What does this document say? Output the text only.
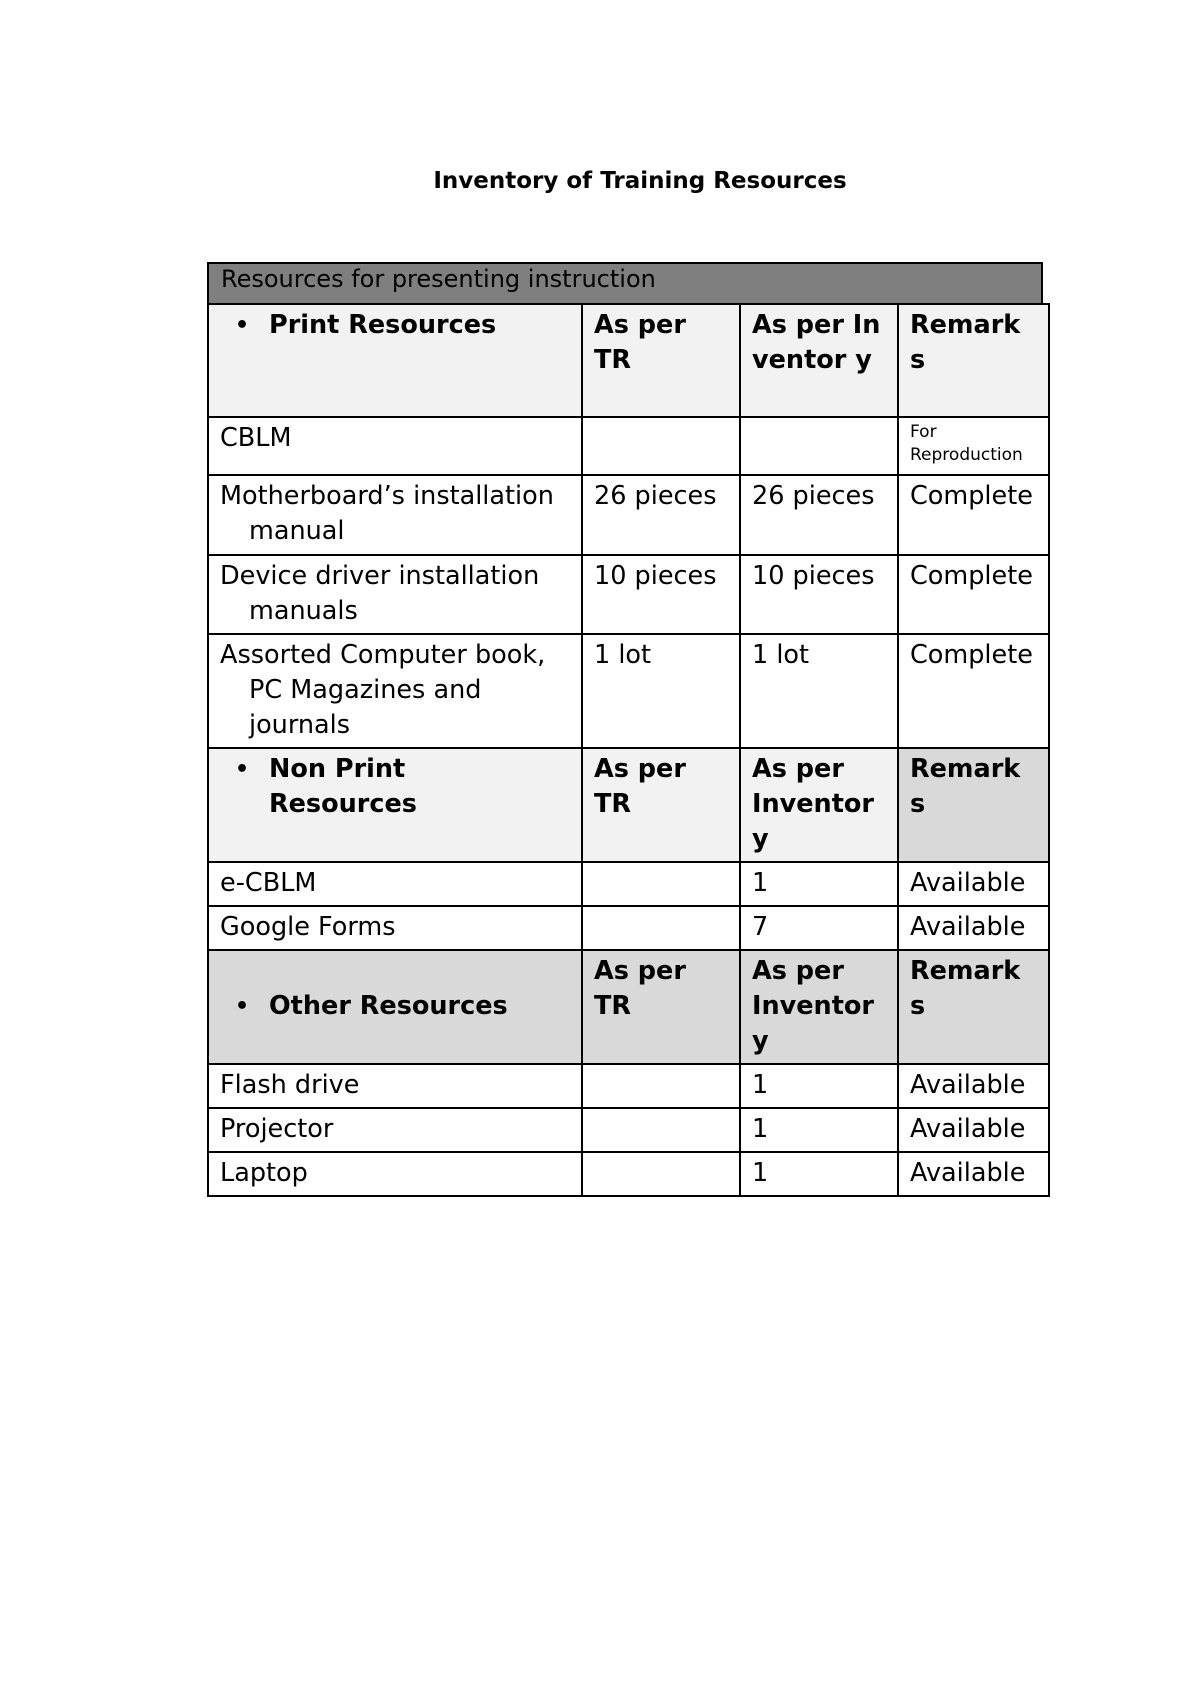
Inventory of Training Resources
Resources for presenting instruction
• Print Resources	As per TR	As per Inventor y	Remark s
CBLM			For Reproduction
Motherboard’s installation manual	26 pieces	26 pieces	Complete
Device driver installation manuals	10 pieces	10 pieces	Complete
Assorted Computer book, PC Magazines and journals	1 lot	1 lot	Complete
• Non Print Resources	As per TR	As per Inventor y	Remark s
e-CBLM		1	Available
Google Forms		7	Available
• Other Resources	As per TR	As per Inventor y	Remark s
Flash drive		1	Available
Projector		1	Available
Laptop		1	Available
